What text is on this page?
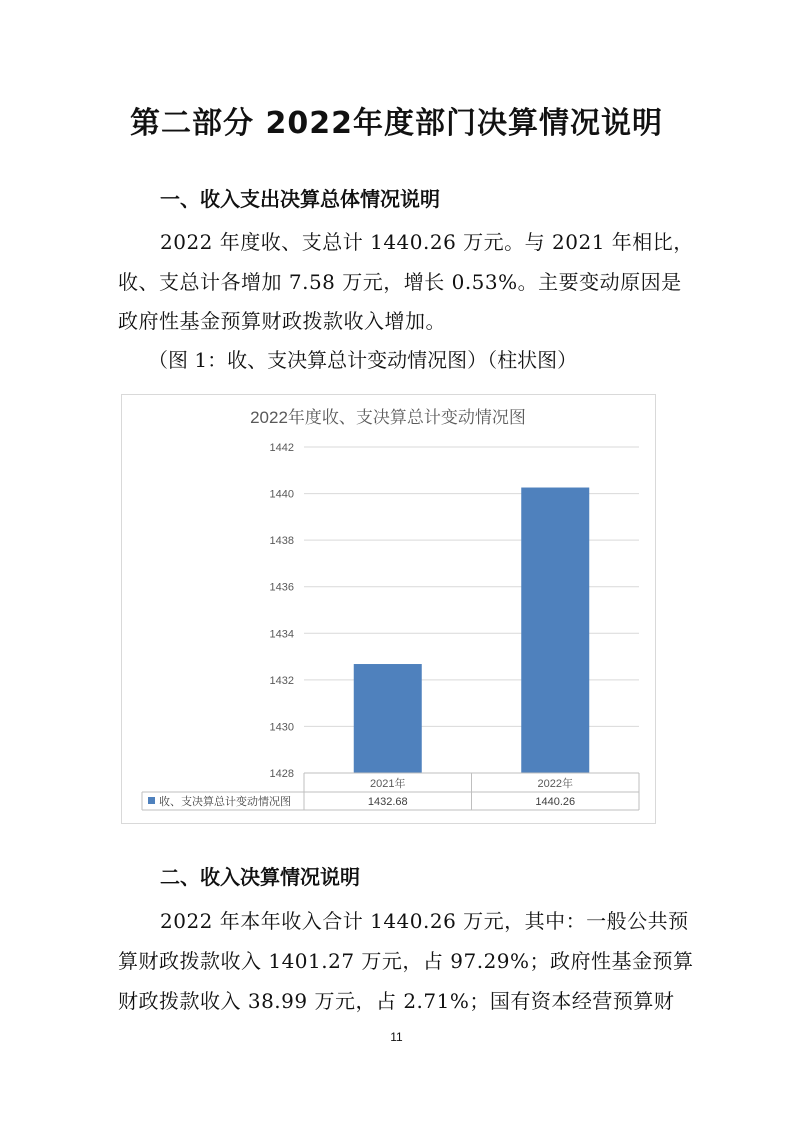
第二部分 2022年度部门决算情况说明
一、收入支出决算总体情况说明
2022 年度收、支总计 1440.26 万元。与 2021 年相比，
收、支总计各增加 7.58 万元，增长 0.53%。主要变动原因是
政府性基金预算财政拨款收入增加。
（图 1：收、支决算总计变动情况图）（柱状图）
2022年度收、支决算总计变动情况图
1428
1430
1432
1434
1436
1438
1440
1442
2021年
1432.68
2022年
1440.26
收、支决算总计变动情况图
二、收入决算情况说明
2022 年本年收入合计 1440.26 万元，其中：一般公共预
算财政拨款收入 1401.27 万元，占 97.29%；政府性基金预算
财政拨款收入 38.99 万元，占 2.71%；国有资本经营预算财
11
